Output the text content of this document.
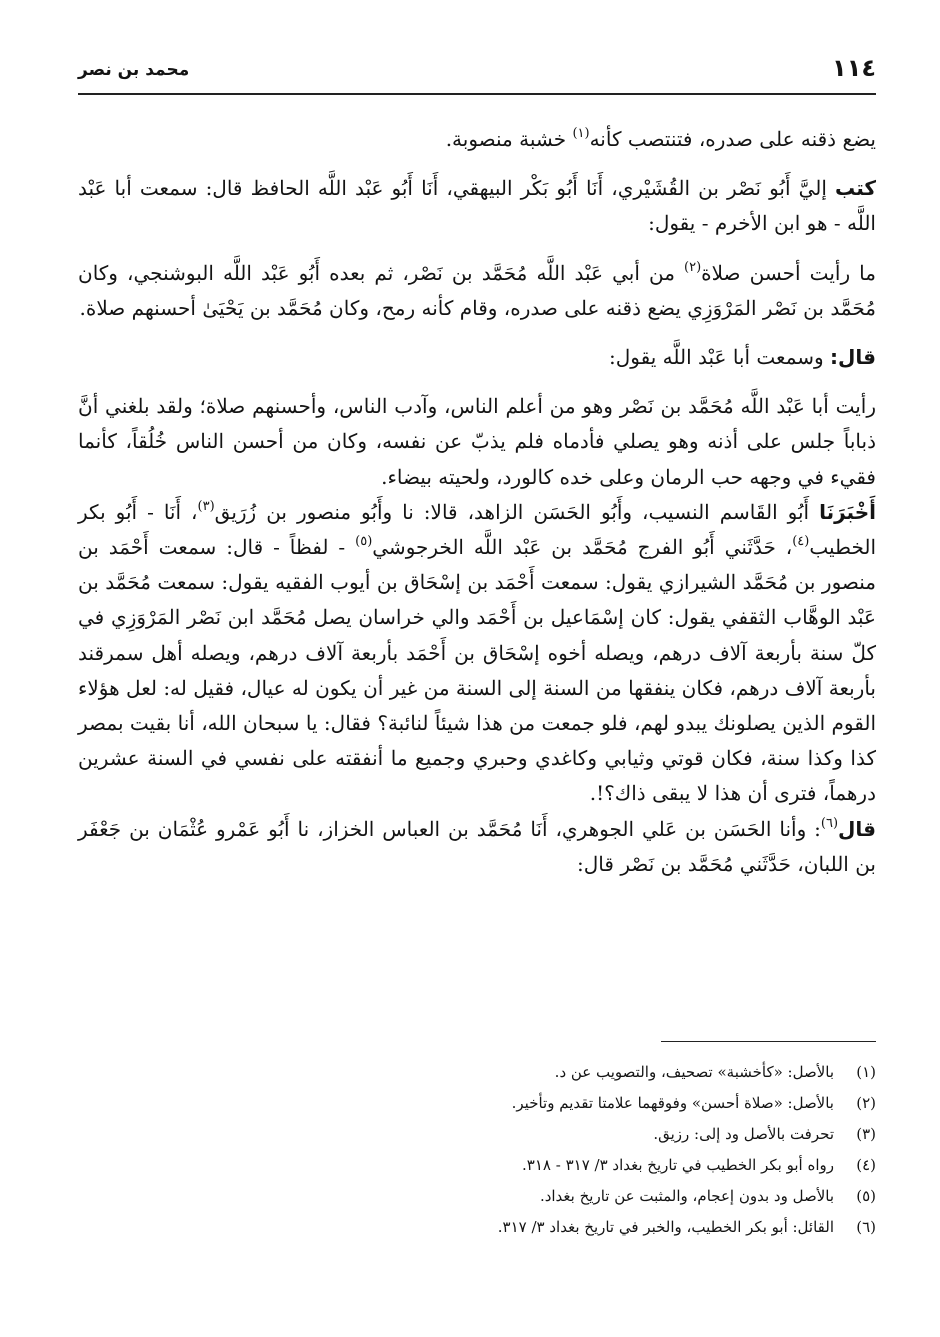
١١٤
محمد بن نصر

يضع ذقنه على صدره، فتنتصب كأنه$^{(١)}$ خشبة منصوبة.

كتب إليَّ أَبُو نَصْر بن القُشَيْري، أَنَا أَبُو بَكْر البيهقي، أَنَا أَبُو عَبْد اللَّه الحافظ قال: سمعت أبا عَبْد اللَّه - هو ابن الأخرم - يقول:

ما رأيت أحسن صلاة$^{(٢)}$ من أبي عَبْد اللَّه مُحَمَّد بن نَصْر، ثم بعده أَبُو عَبْد اللَّه البوشنجي، وكان مُحَمَّد بن نَصْر المَرْوَزِي يضع ذقنه على صدره، وقام كأنه رمح، وكان مُحَمَّد بن يَحْيَىٰ أحسنهم صلاة.

قال: وسمعت أبا عَبْد اللَّه يقول:

رأيت أبا عَبْد اللَّه مُحَمَّد بن نَصْر وهو من أعلم الناس، وآدب الناس، وأحسنهم صلاة؛ ولقد بلغني أنَّ ذباباً جلس على أذنه وهو يصلي فأدماه فلم يذبّ عن نفسه، وكان من أحسن الناس خُلُقاً، كأنما فقيء في وجهه حب الرمان وعلى خده كالورد، ولحيته بيضاء.

أَخْبَرَنَا أَبُو القَاسم النسيب، وأَبُو الحَسَن الزاهد، قالا: نا وأَبُو منصور بن زُرَيق$^{(٣)}$، أَنَا - أَبُو بكر الخطيب$^{(٤)}$، حَدَّثَني أَبُو الفرج مُحَمَّد بن عَبْد اللَّه الخرجوشي$^{(٥)}$ - لفظاً - قال: سمعت أَحْمَد بن منصور بن مُحَمَّد الشيرازي يقول: سمعت أَحْمَد بن إسْحَاق بن أيوب الفقيه يقول: سمعت مُحَمَّد بن عَبْد الوهَّاب الثقفي يقول: كان إسْمَاعيل بن أَحْمَد والي خراسان يصل مُحَمَّد ابن نَصْر المَرْوَزِي في كلّ سنة بأربعة آلاف درهم، ويصله أخوه إسْحَاق بن أَحْمَد بأربعة آلاف درهم، ويصله أهل سمرقند بأربعة آلاف درهم، فكان ينفقها من السنة إلى السنة من غير أن يكون له عيال، فقيل له: لعل هؤلاء القوم الذين يصلونك يبدو لهم، فلو جمعت من هذا شيئاً لنائبة؟ فقال: يا سبحان الله، أنا بقيت بمصر كذا وكذا سنة، فكان قوتي وثيابي وكاغدي وحبري وجميع ما أنفقته على نفسي في السنة عشرين درهماً، فترى أن هذا لا يبقى ذاك؟!.

قال$^{(٦)}$: وأنا الحَسَن بن عَلي الجوهري، أَنَا مُحَمَّد بن العباس الخزاز، نا أَبُو عَمْرو عُثْمَان بن جَعْفَر بن اللبان، حَدَّثَني مُحَمَّد بن نَصْر قال:

(١)
بالأصل: «كأخشبة» تصحيف، والتصويب عن د.
(٢)
بالأصل: «صلاة أحسن» وفوقهما علامتا تقديم وتأخير.
(٣)
تحرفت بالأصل ود إلى: رزيق.
(٤)
رواه أبو بكر الخطيب في تاريخ بغداد ٣/ ٣١٧ - ٣١٨.
(٥)
بالأصل ود بدون إعجام، والمثبت عن تاريخ بغداد.
(٦)
القائل: أبو بكر الخطيب، والخبر في تاريخ بغداد ٣/ ٣١٧.
